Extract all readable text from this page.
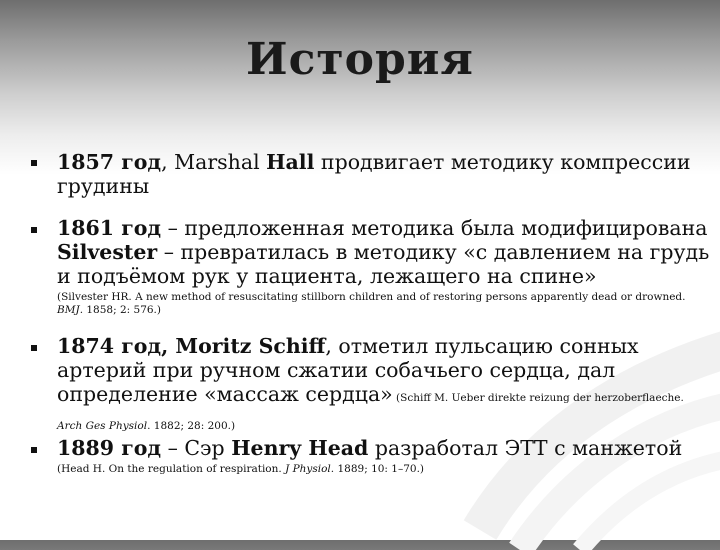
История
1857 год, Marshal Hall продвигает методику компрессии грудины
1861 год – предложенная методика была модифицирована Silvester – превратилась в методику «с давлением на грудь и подъёмом рук у пациента, лежащего на спине»
(Silvester HR. A new method of resuscitating stillborn children and of restoring persons apparently dead or drowned. BMJ. 1858; 2: 576.)
1874 год, Moritz Schiff, отметил пульсацию сонных артерий при ручном сжатии собачьего сердца, дал определение «массаж сердца» (Schiff M. Ueber direkte reizung der herzoberflaeche. Arch Ges Physiol. 1882; 28: 200.)
1889 год – Сэр Henry Head разработал ЭТТ с манжетой
(Head H. On the regulation of respiration. J Physiol. 1889; 10: 1–70.)
